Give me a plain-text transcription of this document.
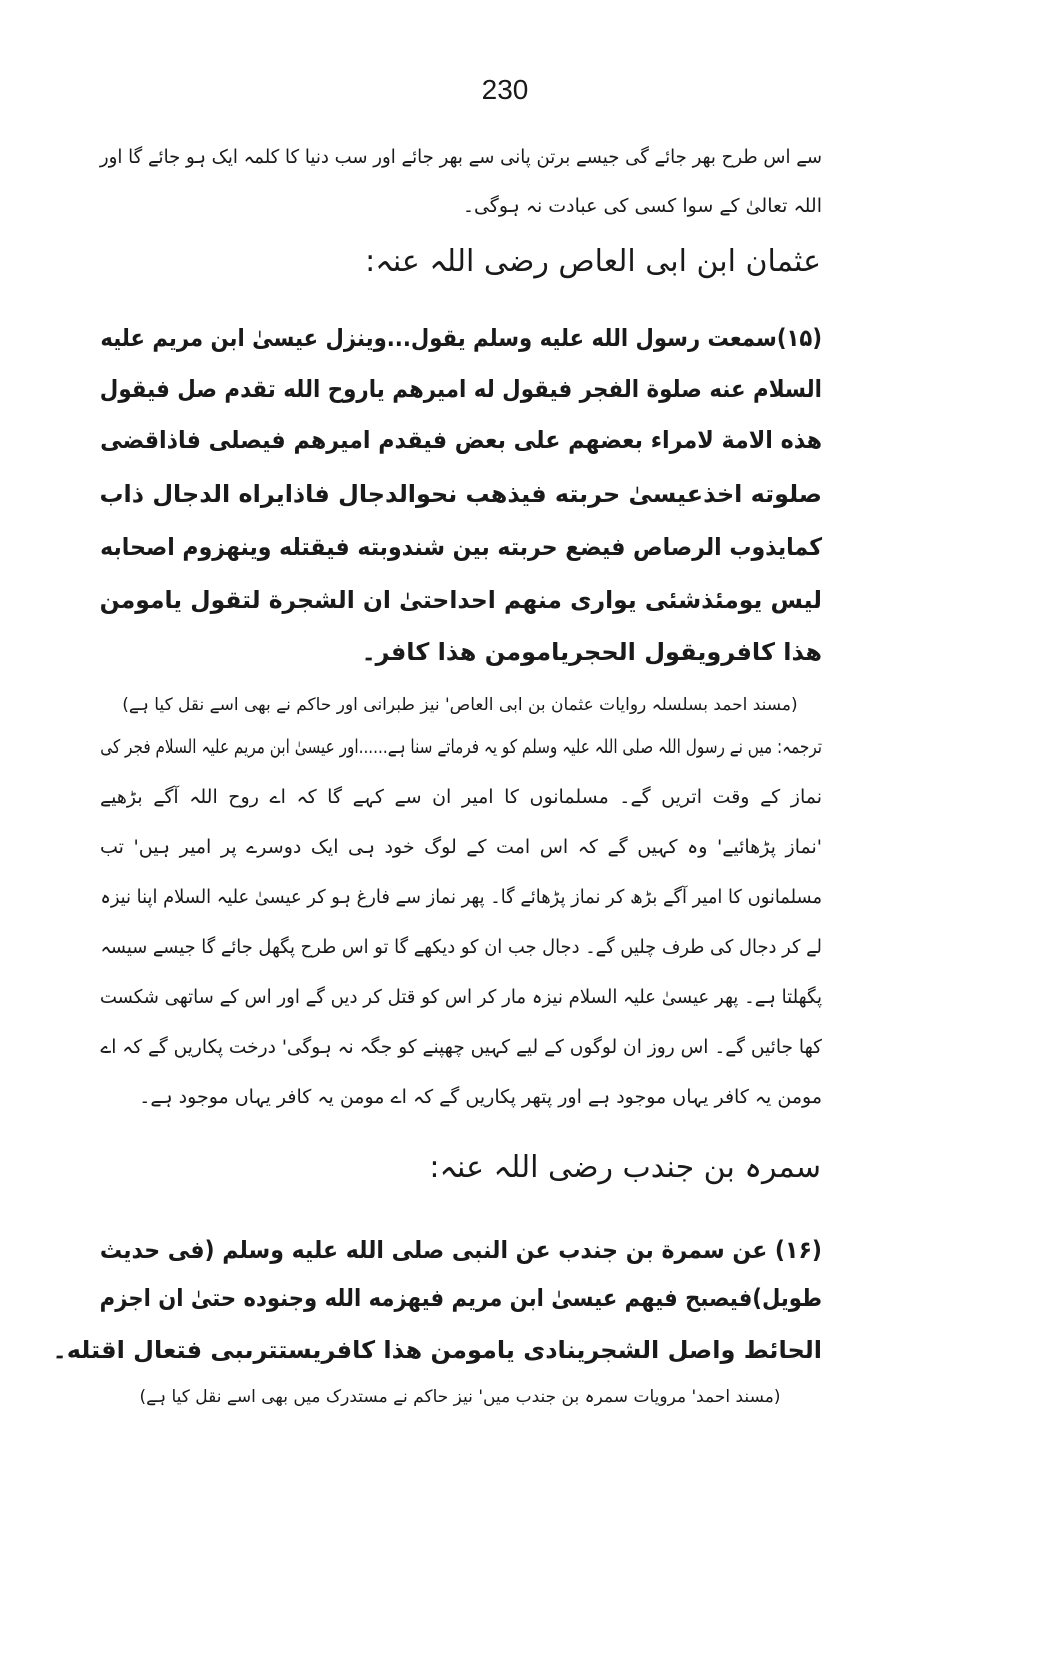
230
سے اس طرح بھر جائے گی جیسے برتن پانی سے بھر جائے اور سب دنیا کا کلمہ ایک ہو جائے گا اور
اللہ تعالیٰ کے سوا کسی کی عبادت نہ ہوگی۔
عثمان ابن ابی العاص رضی اللہ عنہ:
(۱۵)سمعت رسول الله عليه وسلم يقول...وينزل عيسىٰ ابن مريم عليه
السلام عنه صلوة الفجر فيقول له اميرهم ياروح الله تقدم صل فيقول
هذه الامة لامراء بعضهم على بعض فيقدم اميرهم فيصلى فاذاقضى
صلوته اخذعيسىٰ حربته فيذهب نحوالدجال فاذايراه الدجال ذاب
كمايذوب الرصاص فيضع حربته بين شندوبته فيقتله وينهزوم اصحابه
ليس يومئذشئى يوارى منهم احداحتىٰ ان الشجرة لتقول يامومن
هذا كافرويقول الحجريامومن هذا كافر۔
(مسند احمد بسلسلہ روایات عثمان بن ابی العاص' نیز طبرانی اور حاکم نے بھی اسے نقل کیا ہے)
ترجمہ: میں نے رسول اللہ صلی اللہ علیہ وسلم کو یہ فرماتے سنا ہے......اور عیسیٰ ابن مریم علیہ السلام فجر کی
نماز کے وقت اتریں گے۔ مسلمانوں کا امیر ان سے کہے گا کہ اے روح اللہ آگے بڑھیے
'نماز پڑھائیے' وہ کہیں گے کہ اس امت کے لوگ خود ہی ایک دوسرے پر امیر ہیں' تب
مسلمانوں کا امیر آگے بڑھ کر نماز پڑھائے گا۔ پھر نماز سے فارغ ہو کر عیسیٰ علیہ السلام اپنا نیزہ
لے کر دجال کی طرف چلیں گے۔ دجال جب ان کو دیکھے گا تو اس طرح پگھل جائے گا جیسے سیسہ
پگھلتا ہے۔ پھر عیسیٰ علیہ السلام نیزہ مار کر اس کو قتل کر دیں گے اور اس کے ساتھی شکست
کھا جائیں گے۔ اس روز ان لوگوں کے لیے کہیں چھپنے کو جگہ نہ ہوگی' درخت پکاریں گے کہ اے
مومن یہ کافر یہاں موجود ہے اور پتھر پکاریں گے کہ اے مومن یہ کافر یہاں موجود ہے۔
سمرہ بن جندب رضی اللہ عنہ:
(۱۶) عن سمرة بن جندب عن النبى صلى الله عليه وسلم (فى حديث
طويل)فيصبح فيهم عيسىٰ ابن مريم فيهزمه الله وجنوده حتىٰ ان اجزم
الحائط واصل الشجرينادى يامومن هذا كافريستترىبى فتعال اقتله۔
(مسند احمد' مرویات سمرہ بن جندب میں' نیز حاکم نے مستدرک میں بھی اسے نقل کیا ہے)
